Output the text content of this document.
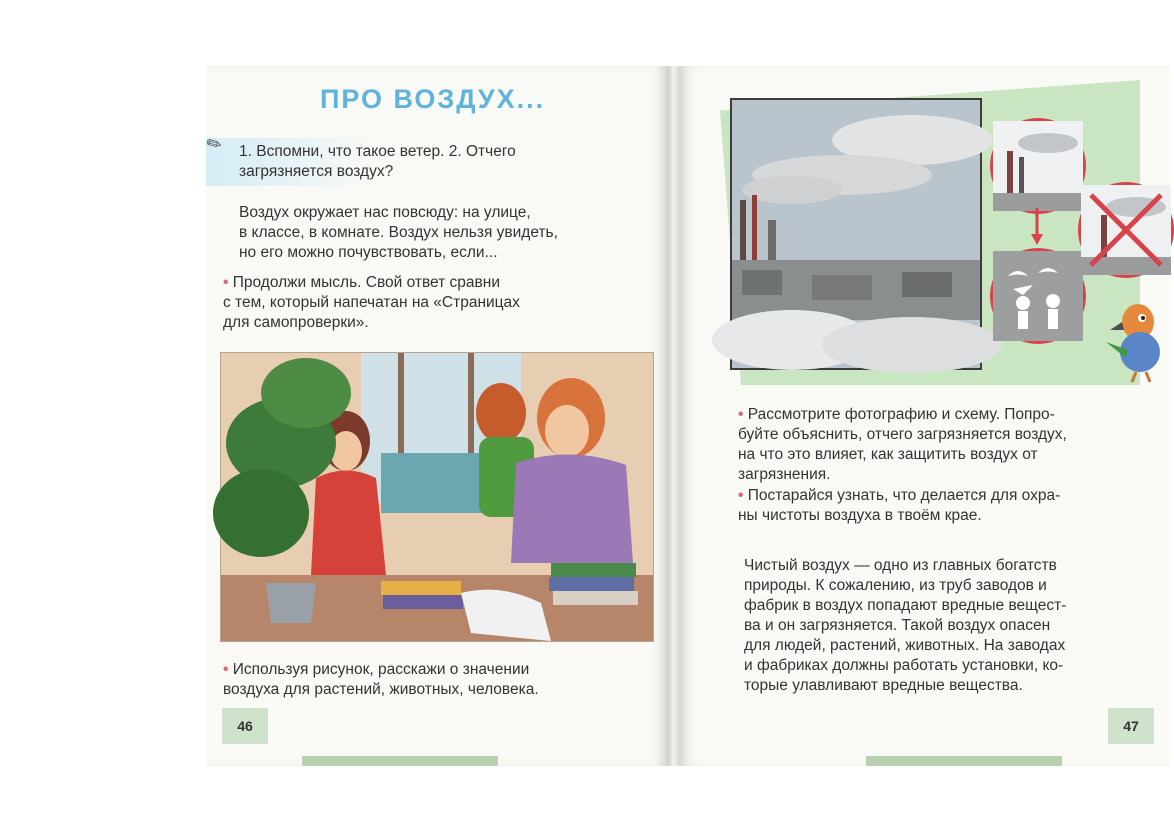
ПРО ВОЗДУХ...
✎ 1. Вспомни, что такое ветер. 2. Отчего
загрязняется воздух?
Воздух окружает нас повсюду: на улице,
в классе, в комнате. Воздух нельзя увидеть,
но его можно почувствовать, если...
• Продолжи мысль. Свой ответ сравни
с тем, который напечатан на «Страницах
для самопроверки».
• Используя рисунок, расскажи о значении
воздуха для растений, животных, человека.
46
• Рассмотрите фотографию и схему. Попро-
буйте объяснить, отчего загрязняется воздух,
на что это влияет, как защитить воздух от
загрязнения.
• Постарайся узнать, что делается для охра-
ны чистоты воздуха в твоём крае.
Чистый воздух — одно из главных богатств
природы. К сожалению, из труб заводов и
фабрик в воздух попадают вредные вещест-
ва и он загрязняется. Такой воздух опасен
для людей, растений, животных. На заводах
и фабриках должны работать установки, ко-
торые улавливают вредные вещества.
47
